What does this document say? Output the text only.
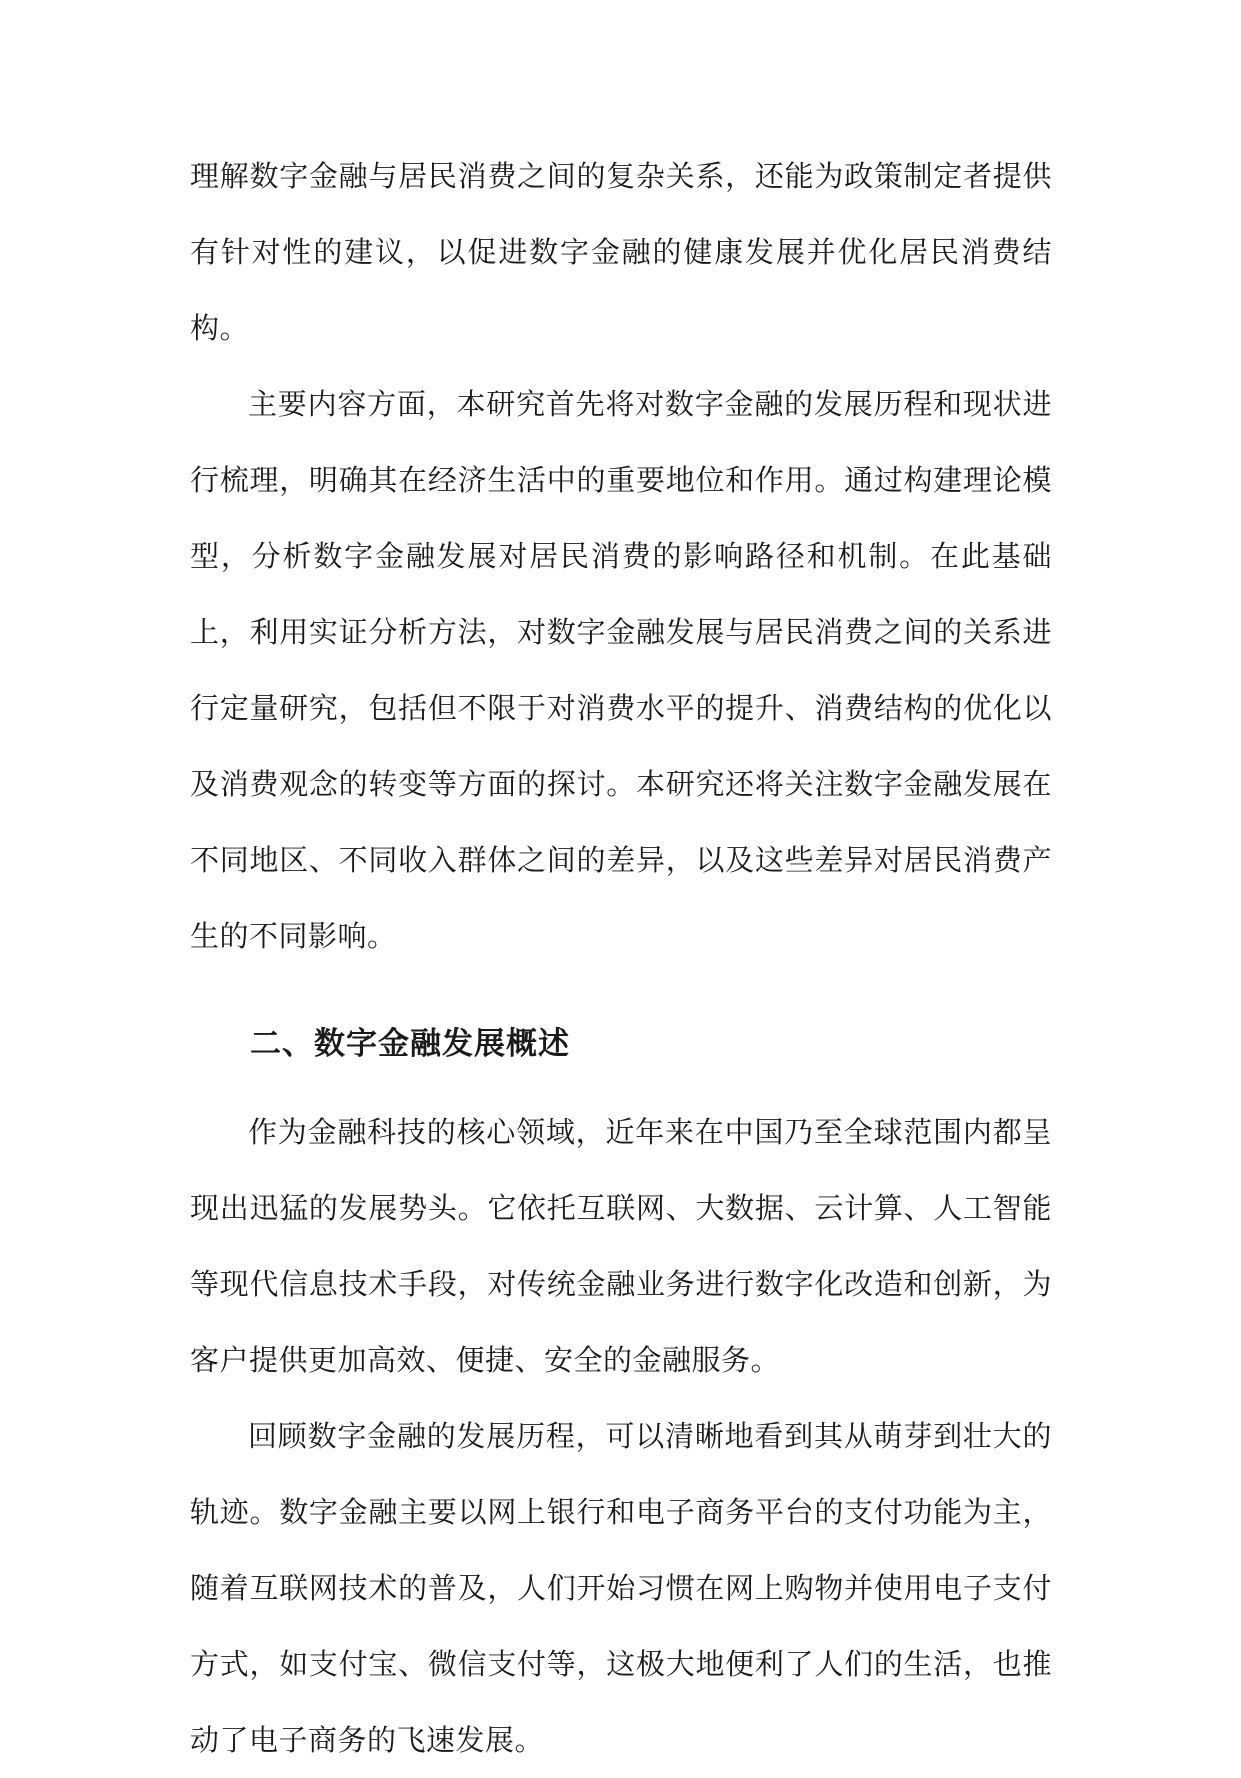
理解数字金融与居民消费之间的复杂关系，还能为政策制定者提供有针对性的建议，以促进数字金融的健康发展并优化居民消费结构。

主要内容方面，本研究首先将对数字金融的发展历程和现状进行梳理，明确其在经济生活中的重要地位和作用。通过构建理论模型，分析数字金融发展对居民消费的影响路径和机制。在此基础上，利用实证分析方法，对数字金融发展与居民消费之间的关系进行定量研究，包括但不限于对消费水平的提升、消费结构的优化以及消费观念的转变等方面的探讨。本研究还将关注数字金融发展在不同地区、不同收入群体之间的差异，以及这些差异对居民消费产生的不同影响。

二、数字金融发展概述

作为金融科技的核心领域，近年来在中国乃至全球范围内都呈现出迅猛的发展势头。它依托互联网、大数据、云计算、人工智能等现代信息技术手段，对传统金融业务进行数字化改造和创新，为客户提供更加高效、便捷、安全的金融服务。

回顾数字金融的发展历程，可以清晰地看到其从萌芽到壮大的轨迹。数字金融主要以网上银行和电子商务平台的支付功能为主，随着互联网技术的普及，人们开始习惯在网上购物并使用电子支付方式，如支付宝、微信支付等，这极大地便利了人们的生活，也推动了电子商务的飞速发展。
